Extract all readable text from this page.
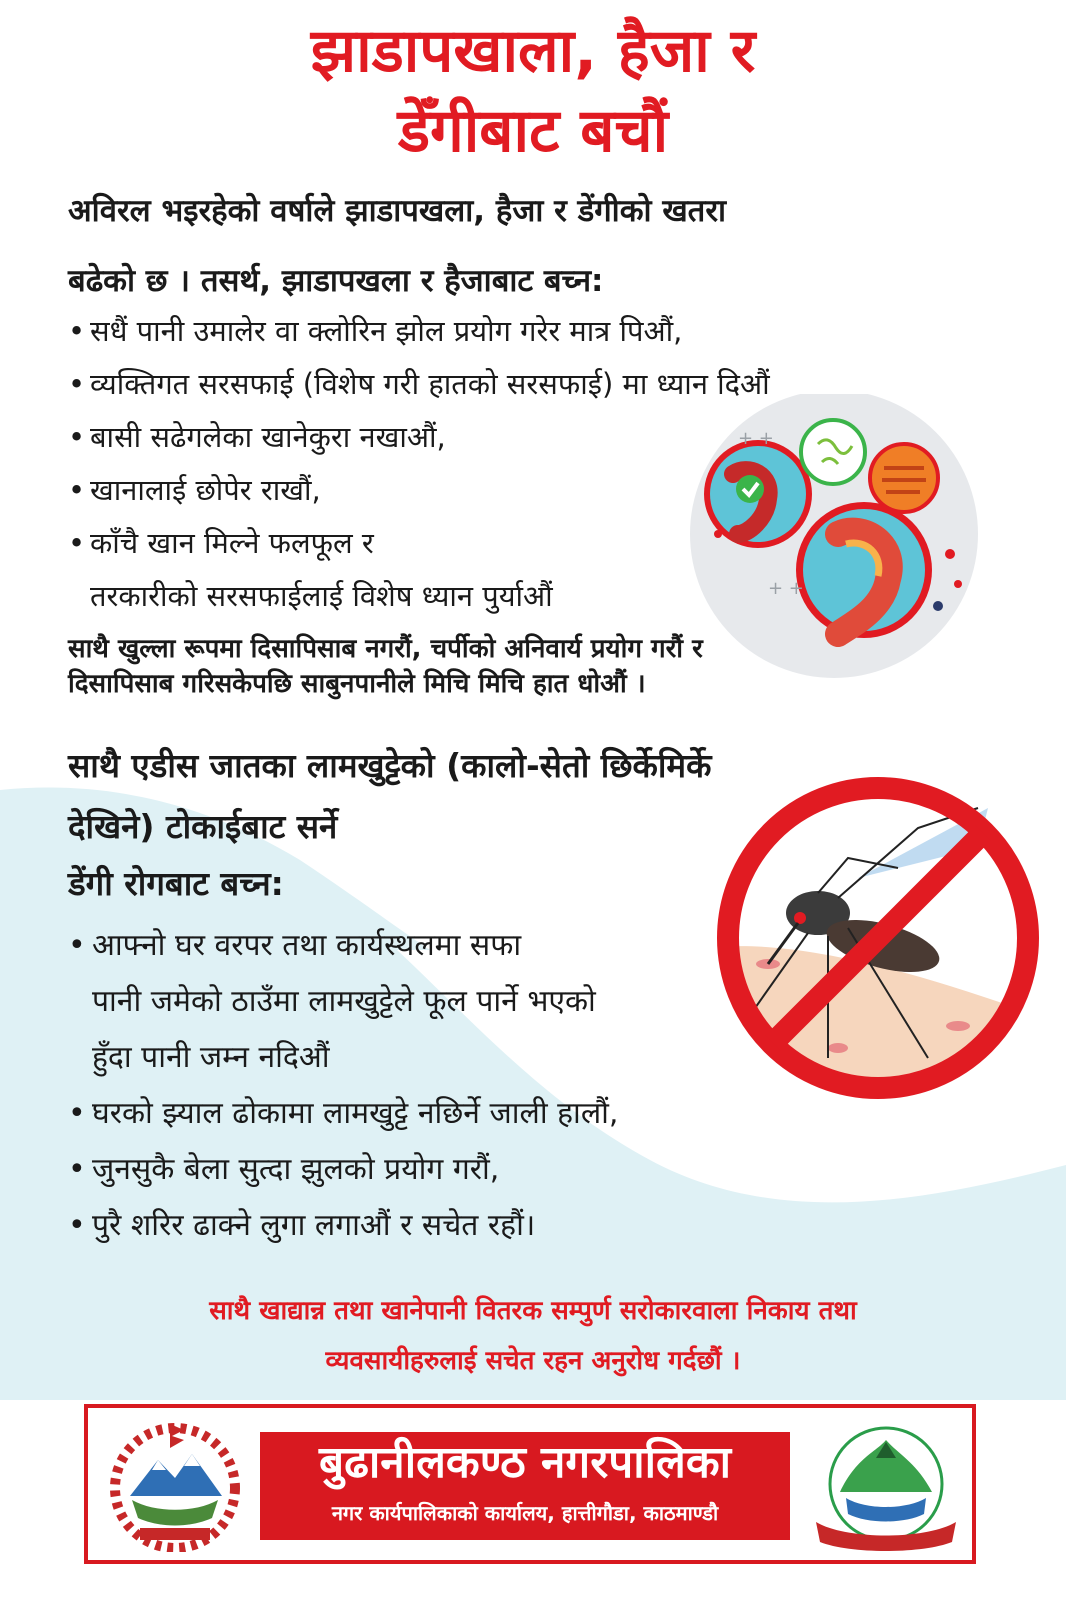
झाडापखाला, हैजा र
डेँगीबाट बचौं

अविरल भइरहेको वर्षाले झाडापखला, हैजा र डेंगीको खतरा

बढेको छ । तसर्थ, झाडापखला र हैजाबाट बच्न:

• सधैं पानी उमालेर वा क्लोरिन झोल प्रयोग गरेर मात्र पिऔं,
• व्यक्तिगत सरसफाई (विशेष गरी हातको सरसफाई) मा ध्यान दिऔं
• बासी सढेगलेका खानेकुरा नखाऔं,
• खानालाई छोपेर राखौं,
• काँचै खान मिल्ने फलफूल र
तरकारीको सरसफाईलाई विशेष ध्यान पुर्याऔं
+ +
+ +

साथै खुल्ला रूपमा दिसापिसाब नगरौं, चर्पीको अनिवार्य प्रयोग गरौं र
दिसापिसाब गरिसकेपछि साबुनपानीले मिचि मिचि हात धोऔं ।

साथै एडीस जातका लामखुट्टेको (कालो-सेतो छिर्केमिर्के

देखिने) टोकाईबाट सर्ने

डेंगी रोगबाट बच्न:

• आफ्नो घर वरपर तथा कार्यस्थलमा सफा
पानी जमेको ठाउँमा लामखुट्टेले फूल पार्ने भएको
हुँदा पानी जम्न नदिऔं
• घरको झ्याल ढोकामा लामखुट्टे नछिर्ने जाली हालौं,
• जुनसुकै बेला सुत्दा झुलको प्रयोग गरौं,
• पुरै शरिर ढाक्ने लुगा लगाऔं र सचेत रहौं।

साथै खाद्यान्न तथा खानेपानी वितरक सम्पुर्ण सरोकारवाला निकाय तथा
व्यवसायीहरुलाई सचेत रहन अनुरोध गर्दछौं ।

बुढानीलकण्ठ नगरपालिका
नगर कार्यपालिकाको कार्यालय, हात्तीगौडा, काठमाण्डौ
